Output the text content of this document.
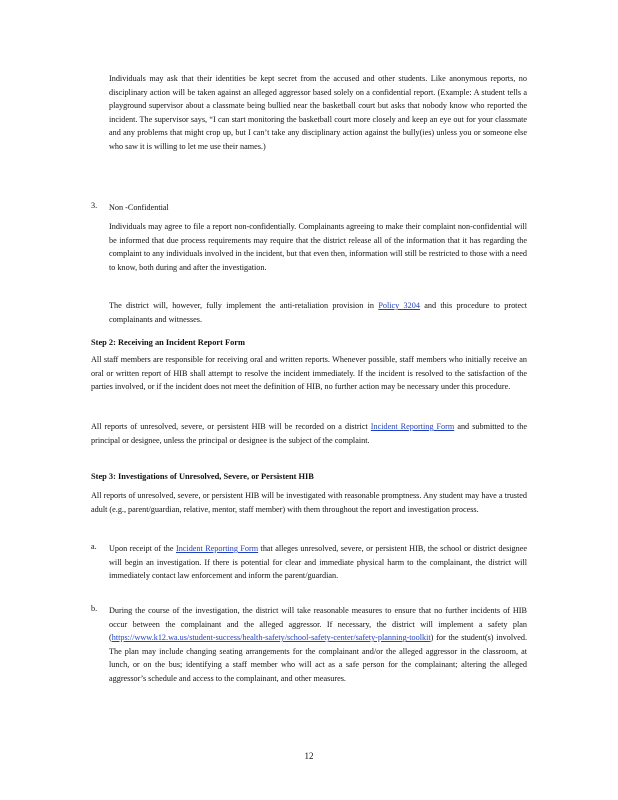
Individuals may ask that their identities be kept secret from the accused and other students. Like anonymous reports, no disciplinary action will be taken against an alleged aggressor based solely on a confidential report. (Example: A student tells a playground supervisor about a classmate being bullied near the basketball court but asks that nobody know who reported the incident. The supervisor says, “I can start monitoring the basketball court more closely and keep an eye out for your classmate and any problems that might crop up, but I can’t take any disciplinary action against the bully(ies) unless you or someone else who saw it is willing to let me use their names.)

3. Non -Confidential

Individuals may agree to file a report non-confidentially. Complainants agreeing to make their complaint non-confidential will be informed that due process requirements may require that the district release all of the information that it has regarding the complaint to any individuals involved in the incident, but that even then, information will still be restricted to those with a need to know, both during and after the investigation.

The district will, however, fully implement the anti-retaliation provision in Policy 3204 and this procedure to protect complainants and witnesses.

Step 2: Receiving an Incident Report Form

All staff members are responsible for receiving oral and written reports. Whenever possible, staff members who initially receive an oral or written report of HIB shall attempt to resolve the incident immediately. If the incident is resolved to the satisfaction of the parties involved, or if the incident does not meet the definition of HIB, no further action may be necessary under this procedure.

All reports of unresolved, severe, or persistent HIB will be recorded on a district Incident Reporting Form and submitted to the principal or designee, unless the principal or designee is the subject of the complaint.

Step 3: Investigations of Unresolved, Severe, or Persistent HIB

All reports of unresolved, severe, or persistent HIB will be investigated with reasonable promptness. Any student may have a trusted adult (e.g., parent/guardian, relative, mentor, staff member) with them throughout the report and investigation process.

a. Upon receipt of the Incident Reporting Form that alleges unresolved, severe, or persistent HIB, the school or district designee will begin an investigation. If there is potential for clear and immediate physical harm to the complainant, the district will immediately contact law enforcement and inform the parent/guardian.

b. During the course of the investigation, the district will take reasonable measures to ensure that no further incidents of HIB occur between the complainant and the alleged aggressor. If necessary, the district will implement a safety plan (https://www.k12.wa.us/student-success/health-safety/school-safety-center/safety-planning-toolkit) for the student(s) involved. The plan may include changing seating arrangements for the complainant and/or the alleged aggressor in the classroom, at lunch, or on the bus; identifying a staff member who will act as a safe person for the complainant; altering the alleged aggressor’s schedule and access to the complainant, and other measures.

12
